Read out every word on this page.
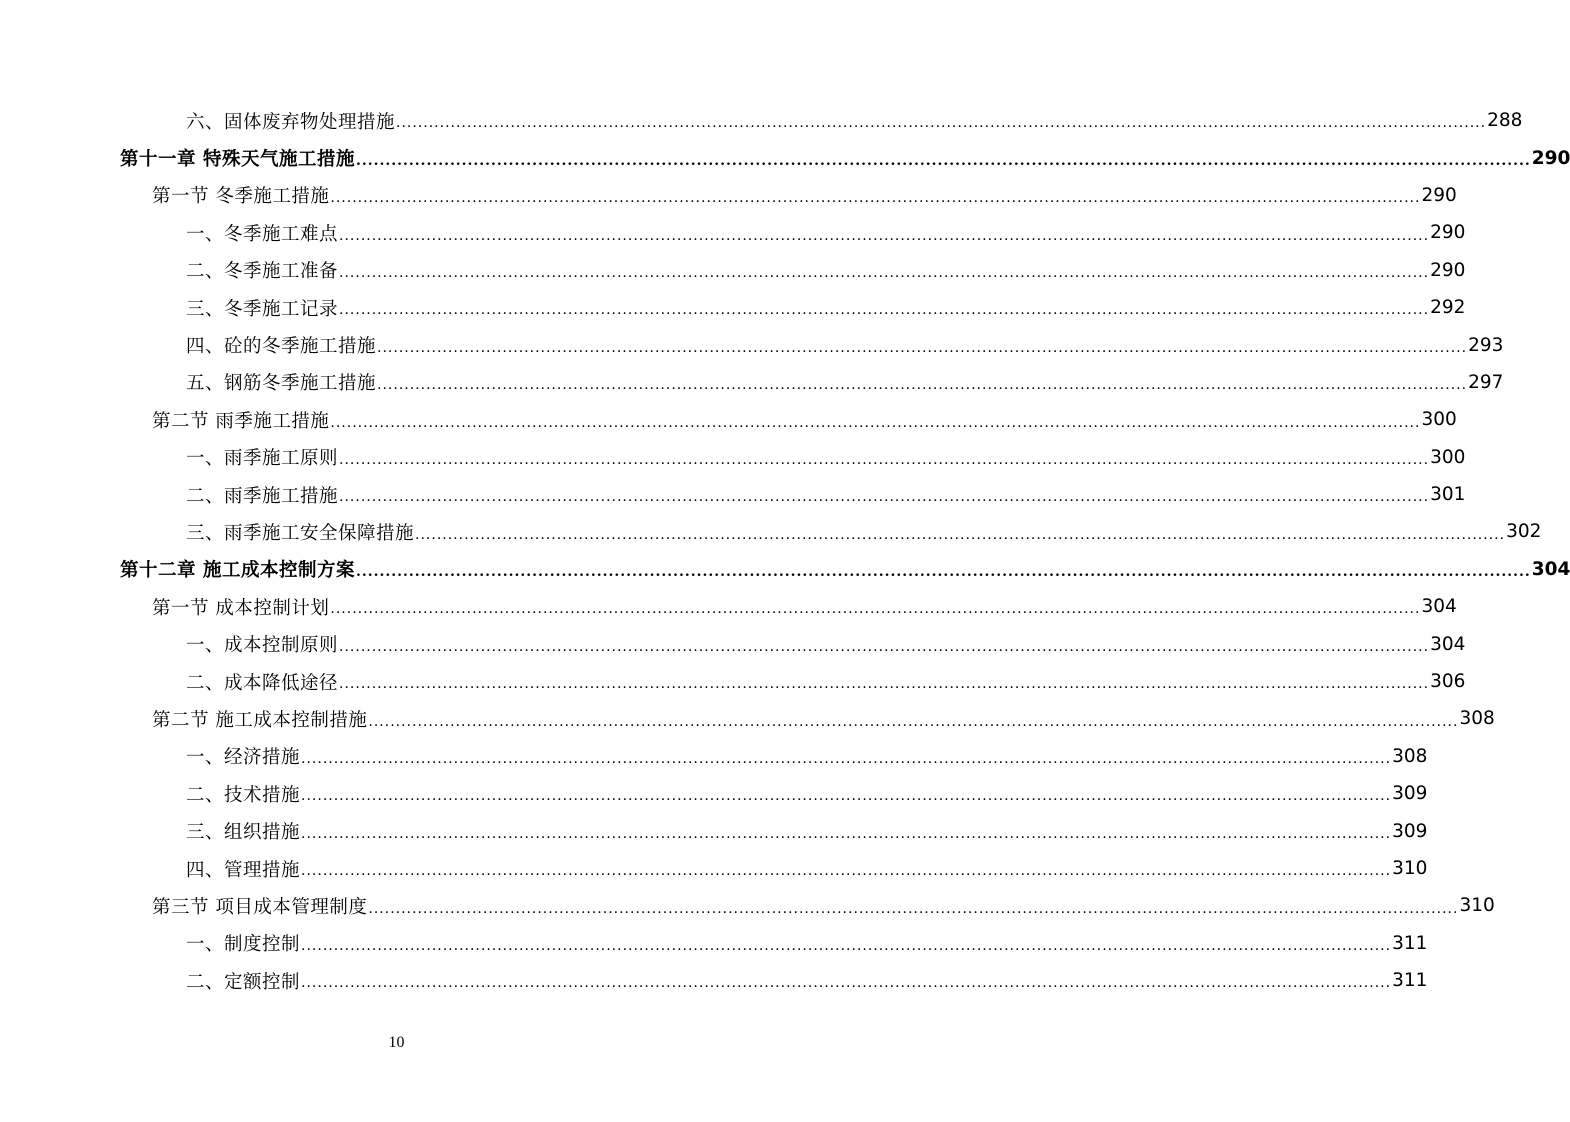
六、固体废弃物处理措施 ........................................................................................................................................................................................................ 288
第十一章 特殊天气施工措施 ........................................................................................................................................................................................................ 290
第一节 冬季施工措施 ........................................................................................................................................................................................................ 290
一、冬季施工难点 ........................................................................................................................................................................................................ 290
二、冬季施工准备 ........................................................................................................................................................................................................ 290
三、冬季施工记录 ........................................................................................................................................................................................................ 292
四、砼的冬季施工措施 ........................................................................................................................................................................................................ 293
五、钢筋冬季施工措施 ........................................................................................................................................................................................................ 297
第二节 雨季施工措施 ........................................................................................................................................................................................................ 300
一、雨季施工原则 ........................................................................................................................................................................................................ 300
二、雨季施工措施 ........................................................................................................................................................................................................ 301
三、雨季施工安全保障措施 ........................................................................................................................................................................................................ 302
第十二章 施工成本控制方案 ........................................................................................................................................................................................................ 304
第一节 成本控制计划 ........................................................................................................................................................................................................ 304
一、成本控制原则 ........................................................................................................................................................................................................ 304
二、成本降低途径 ........................................................................................................................................................................................................ 306
第二节 施工成本控制措施 ........................................................................................................................................................................................................ 308
一、经济措施 ........................................................................................................................................................................................................ 308
二、技术措施 ........................................................................................................................................................................................................ 309
三、组织措施 ........................................................................................................................................................................................................ 309
四、管理措施 ........................................................................................................................................................................................................ 310
第三节 项目成本管理制度 ........................................................................................................................................................................................................ 310
一、制度控制 ........................................................................................................................................................................................................ 311
二、定额控制 ........................................................................................................................................................................................................ 311
10
